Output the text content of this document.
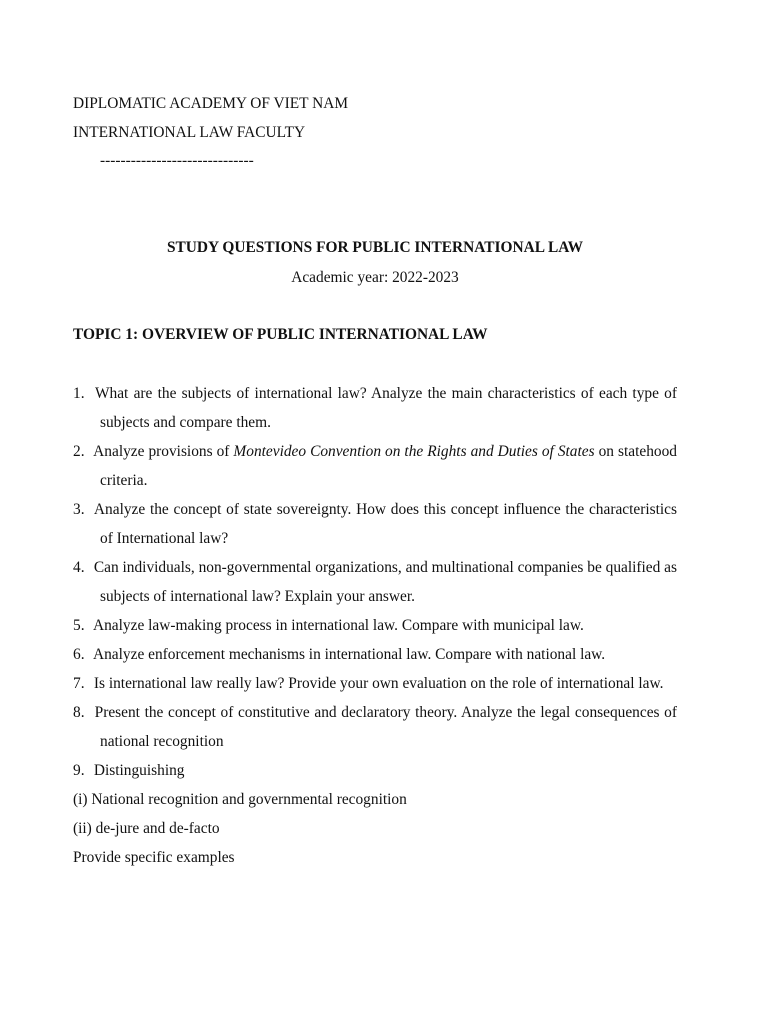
DIPLOMATIC ACADEMY OF VIET NAM
INTERNATIONAL LAW FACULTY
------------------------------
STUDY QUESTIONS FOR PUBLIC INTERNATIONAL LAW
Academic year: 2022-2023
TOPIC 1: OVERVIEW OF PUBLIC INTERNATIONAL LAW
1. What are the subjects of international law? Analyze the main characteristics of each type of subjects and compare them.
2. Analyze provisions of Montevideo Convention on the Rights and Duties of States on statehood criteria.
3. Analyze the concept of state sovereignty. How does this concept influence the characteristics of International law?
4. Can individuals, non-governmental organizations, and multinational companies be qualified as subjects of international law? Explain your answer.
5. Analyze law-making process in international law. Compare with municipal law.
6. Analyze enforcement mechanisms in international law. Compare with national law.
7. Is international law really law? Provide your own evaluation on the role of international law.
8. Present the concept of constitutive and declaratory theory. Analyze the legal consequences of national recognition
9. Distinguishing
(i) National recognition and governmental recognition
(ii) de-jure and de-facto
Provide specific examples
